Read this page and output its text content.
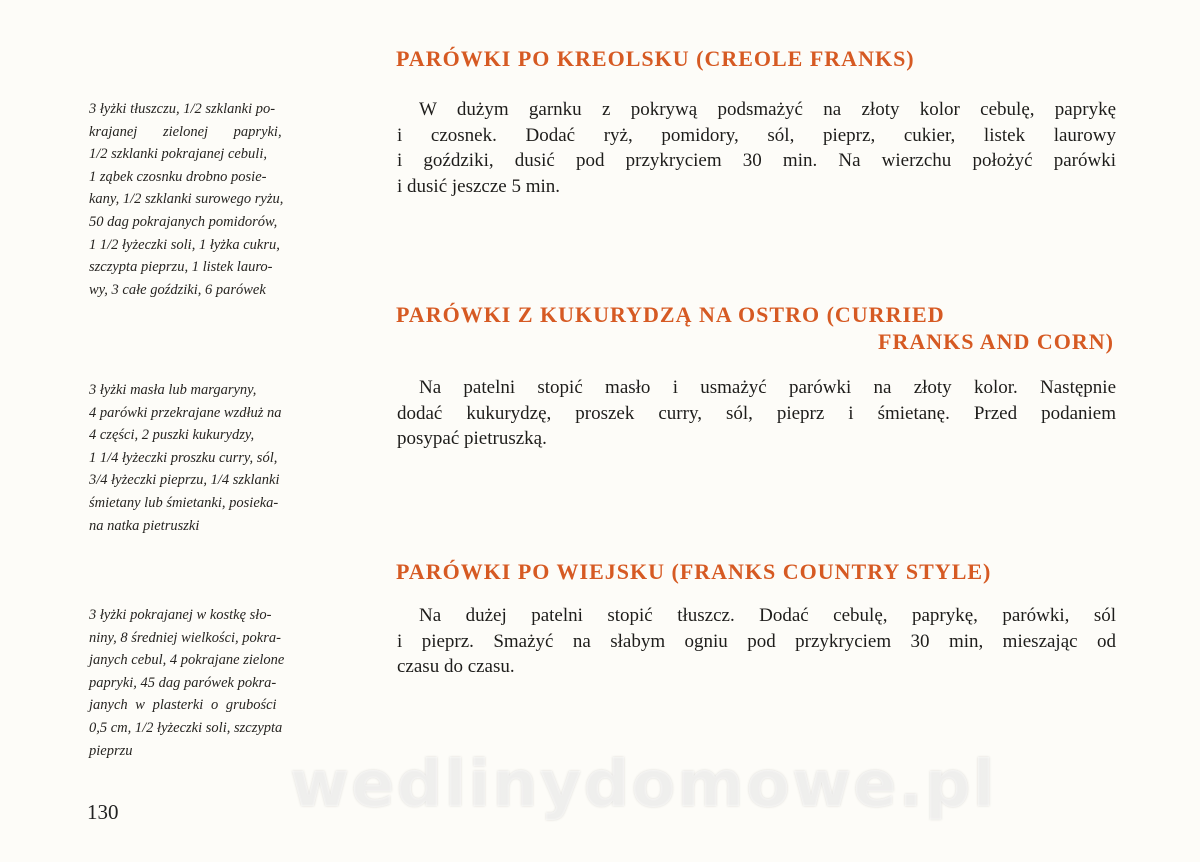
PARÓWKI PO KREOLSKU (CREOLE FRANKS)

3 łyżki tłuszczu, 1/2 szklanki po-
krajanej zielonej papryki,
1/2 szklanki pokrajanej cebuli,
1 ząbek czosnku drobno posie-
kany, 1/2 szklanki surowego ryżu,
50 dag pokrajanych pomidorów,
1 1/2 łyżeczki soli, 1 łyżka cukru,
szczypta pieprzu, 1 listek lauro-
wy, 3 całe goździki, 6 parówek

W dużym garnku z pokrywą podsmażyć na złoty kolor cebulę, paprykę
i czosnek. Dodać ryż, pomidory, sól, pieprz, cukier, listek laurowy
i goździki, dusić pod przykryciem 30 min. Na wierzchu położyć parówki
i dusić jeszcze 5 min.

PARÓWKI Z KUKURYDZĄ NA OSTRO (CURRIED
FRANKS AND CORN)

3 łyżki masła lub margaryny,
4 parówki przekrajane wzdłuż na
4 części, 2 puszki kukurydzy,
1 1/4 łyżeczki proszku curry, sól,
3/4 łyżeczki pieprzu, 1/4 szklanki
śmietany lub śmietanki, posieka-
na natka pietruszki

Na patelni stopić masło i usmażyć parówki na złoty kolor. Następnie
dodać kukurydzę, proszek curry, sól, pieprz i śmietanę. Przed podaniem
posypać pietruszką.

PARÓWKI PO WIEJSKU (FRANKS COUNTRY STYLE)

3 łyżki pokrajanej w kostkę sło-
niny, 8 średniej wielkości, pokra-
janych cebul, 4 pokrajane zielone
papryki, 45 dag parówek pokra-
janych w plasterki o grubości
0,5 cm, 1/2 łyżeczki soli, szczypta
pieprzu

Na dużej patelni stopić tłuszcz. Dodać cebulę, paprykę, parówki, sól
i pieprz. Smażyć na słabym ogniu pod przykryciem 30 min, mieszając od
czasu do czasu.

wedlinydomowe.pl
130
